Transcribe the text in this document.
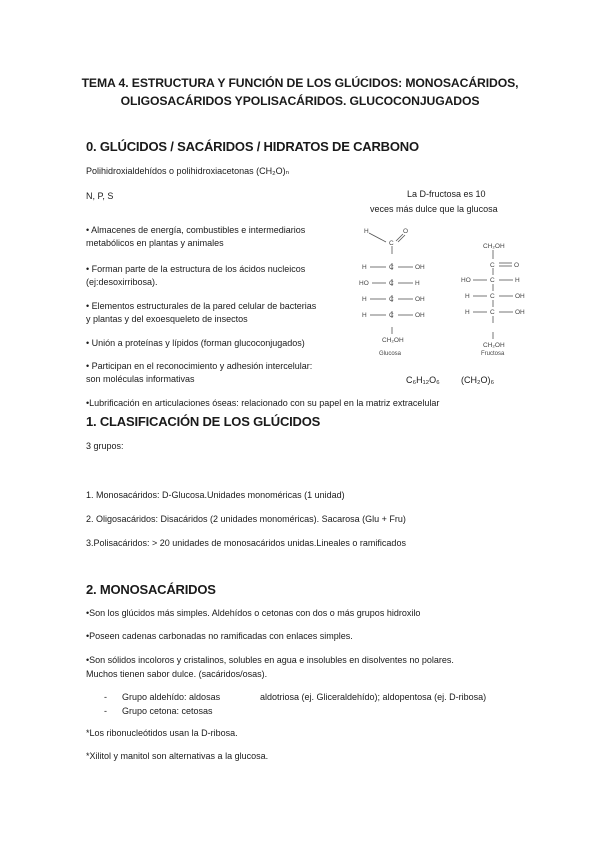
TEMA 4. ESTRUCTURA Y FUNCIÓN DE LOS GLÚCIDOS: MONOSACÁRIDOS,
OLIGOSACÁRIDOS YPOLISACÁRIDOS. GLUCOCONJUGADOS
0. GLÚCIDOS / SACÁRIDOS / HIDRATOS DE CARBONO
Polihidroxialdehídos o polihidroxiacetonas (CH₂O)ₙ
N, P, S
• Almacenes de energía, combustibles e intermediarios
metabólicos en plantas y animales
• Forman parte de la estructura de los ácidos nucleicos
(ej:desoxirribosa).
• Elementos estructurales de la pared celular de bacterias
y plantas y del exoesqueleto de insectos
• Unión a proteínas y lípidos (forman glucoconjugados)
• Participan en el reconocimiento y adhesión intercelular:
son moléculas informativas
•Lubrificación en articulaciones óseas: relacionado con su papel en la matriz extracelular
La D-fructosa es 10
veces más dulce que la glucosa
C₆H₁₂O₆ (CH₂O)₆
H	O
C
H	C	OH
HO	C	H
H	C	OH
H	C	OH
CH₂OH
Glucosa
CH₂OH
C	O
HO	C	H
H	C	OH
H	C	OH
CH₂OH
Fructosa
1. CLASIFICACIÓN DE LOS GLÚCIDOS
3 grupos:
1. Monosacáridos: D-Glucosa.Unidades monoméricas (1 unidad)
2. Oligosacáridos: Disacáridos (2 unidades monoméricas). Sacarosa (Glu + Fru)
3.Polisacáridos: > 20 unidades de monosacáridos unidas.Lineales o ramificados
2. MONOSACÁRIDOS
•Son los glúcidos más simples. Aldehídos o cetonas con dos o más grupos hidroxilo
•Poseen cadenas carbonadas no ramificadas con enlaces simples.
•Son sólidos incoloros y cristalinos, solubles en agua e insolubles en disolventes no polares.
Muchos tienen sabor dulce. (sacáridos/osas).
- Grupo aldehído: aldosas	aldotriosa (ej. Gliceraldehído); aldopentosa (ej. D-ribosa)
- Grupo cetona: cetosas
*Los ribonucleótidos usan la D-ribosa.
*Xilitol y manitol son alternativas a la glucosa.
